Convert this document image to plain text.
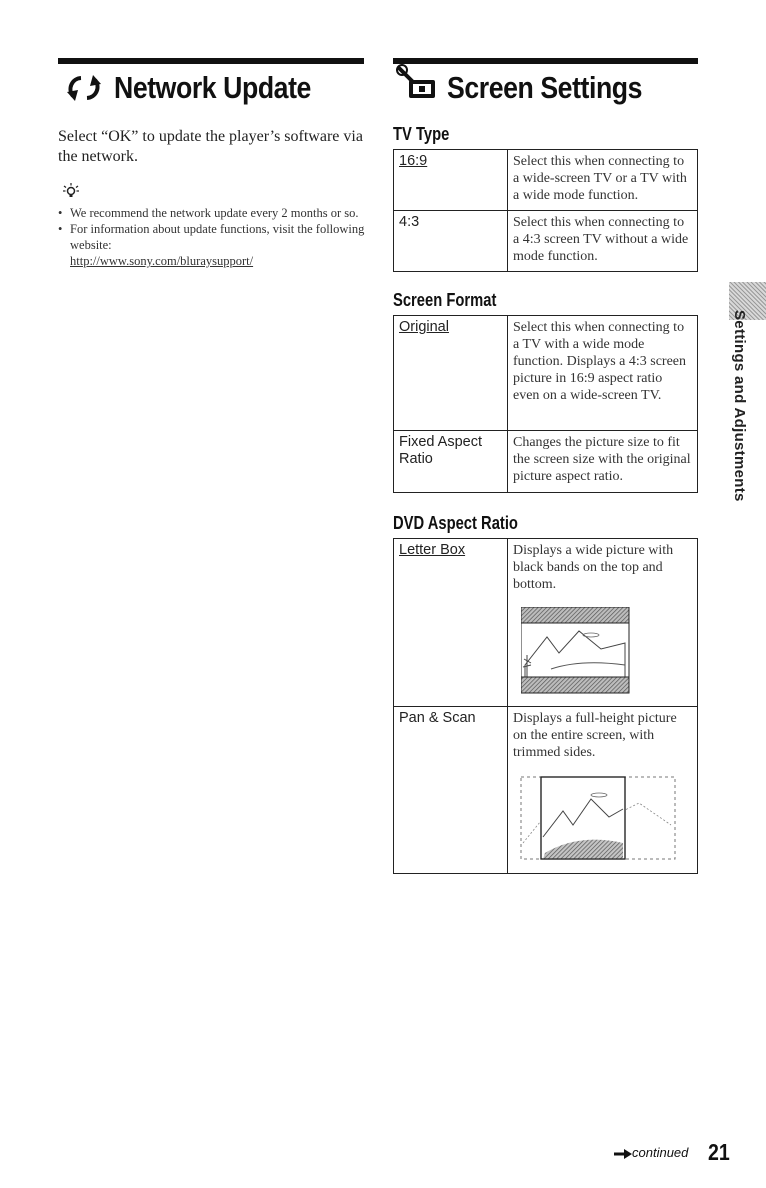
Network Update
Select “OK” to update the player’s software via the network.
• We recommend the network update every 2 months or so.
• For information about update functions, visit the following website:
http://www.sony.com/bluraysupport/
Screen Settings
TV Type
16:9	Select this when connecting to a wide-screen TV or a TV with a wide mode function.
4:3	Select this when connecting to a 4:3 screen TV without a wide mode function.
Screen Format
Original	Select this when connecting to a TV with a wide mode function. Displays a 4:3 screen picture in 16:9 aspect ratio even on a wide-screen TV.
Fixed Aspect Ratio	Changes the picture size to fit the screen size with the original picture aspect ratio.
DVD Aspect Ratio
Letter Box	Displays a wide picture with black bands on the top and bottom.

Pan & Scan	Displays a full-height picture on the entire screen, with trimmed sides.
Settings and Adjustments
continued 21
